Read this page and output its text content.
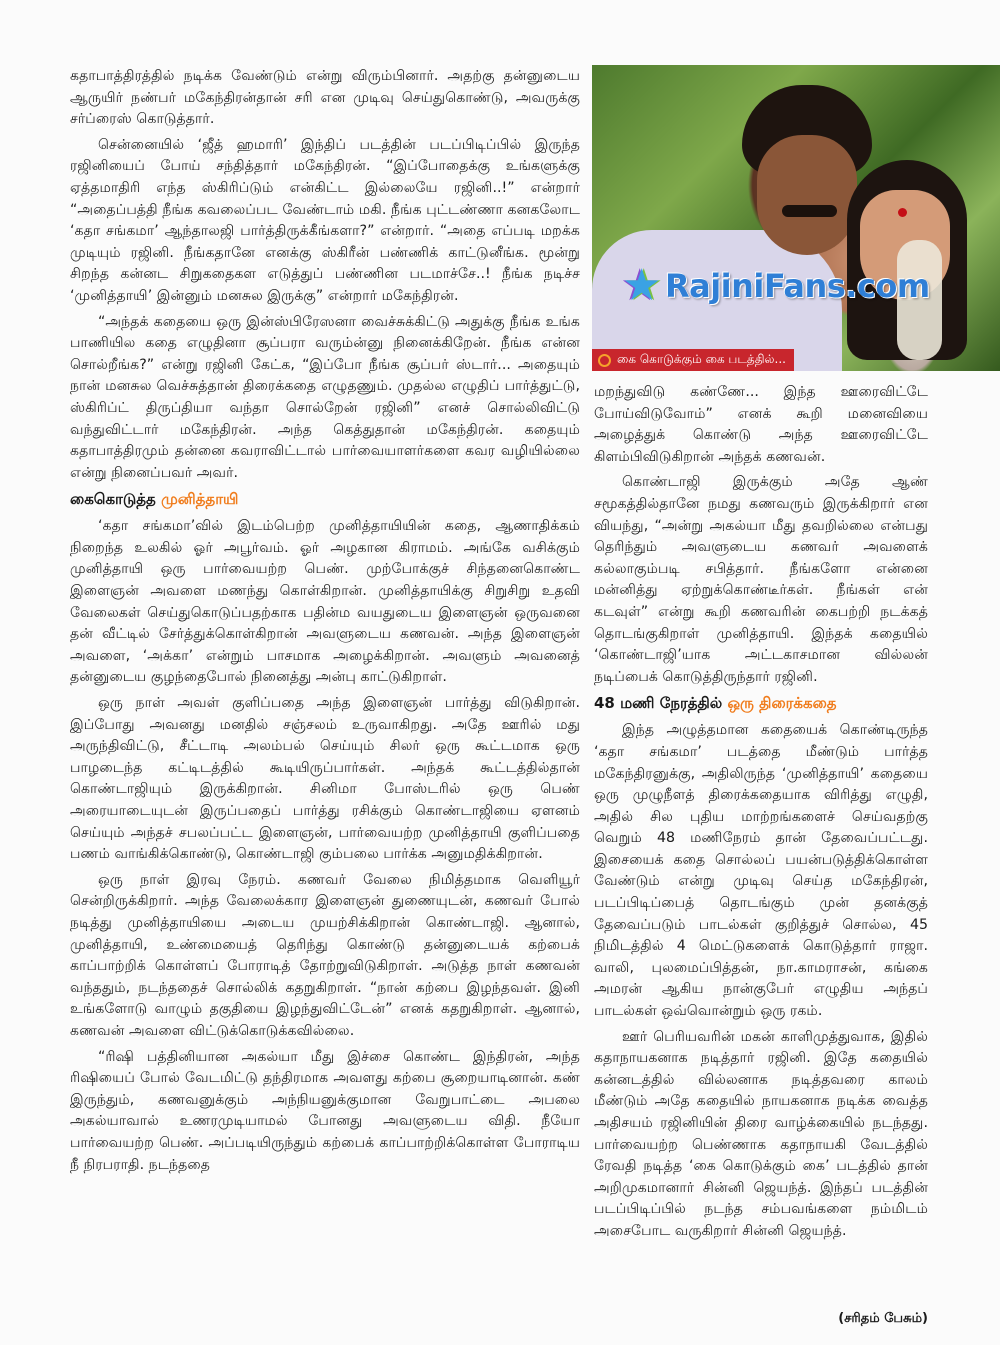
★ RajiniFans.com
கை கொடுக்கும் கை படத்தில்...

கதாபாத்திரத்தில் நடிக்க வேண்டும் என்று விரும்பினார். அதற்கு தன்னுடைய ஆருயிர் நண்பர் மகேந்திரன்தான் சரி என முடிவு செய்துகொண்டு, அவருக்கு சர்ப்ரைஸ் கொடுத்தார்.

சென்னையில் ‘ஜீத் ஹமாரி’ இந்திப் படத்தின் படப்பிடிப்பில் இருந்த ரஜினியைப் போய் சந்தித்தார் மகேந்திரன். “இப்போதைக்கு உங்களுக்கு ஏத்தமாதிரி எந்த ஸ்கிரிப்டும் என்கிட்ட இல்லையே ரஜினி..!” என்றார் “அதைப்பத்தி நீங்க கவலைப்பட வேண்டாம் மகி. நீங்க புட்டண்ணா கனகலோட ‘கதா சங்கமா’ ஆந்தாலஜி பார்த்திருக்கீங்களா?” என்றார். “அதை எப்படி மறக்க முடியும் ரஜினி. நீங்கதானே எனக்கு ஸ்கிரீன் பண்ணிக் காட்டுனீங்க. மூன்று சிறந்த கன்னட சிறுகதைகள எடுத்துப் பண்ணின படமாச்சே..! நீங்க நடிச்ச ‘முனித்தாயி’ இன்னும் மனசுல இருக்கு” என்றார் மகேந்திரன்.

“அந்தக் கதையை ஒரு இன்ஸ்பிரேஸனா வைச்சுக்கிட்டு அதுக்கு நீங்க உங்க பாணியில கதை எழுதினா சூப்பரா வரும்ன்னு நினைக்கிறேன். நீங்க என்ன சொல்றீங்க?” என்று ரஜினி கேட்க, “இப்போ நீங்க சூப்பர் ஸ்டார்... அதையும் நான் மனசுல வெச்சுத்தான் திரைக்கதை எழுதணும். முதல்ல எழுதிப் பார்த்துட்டு, ஸ்கிரிப்ட் திருப்தியா வந்தா சொல்றேன் ரஜினி” எனச் சொல்லிவிட்டு வந்துவிட்டார் மகேந்திரன். அந்த கெத்துதான் மகேந்திரன். கதையும் கதாபாத்திரமும் தன்னை கவராவிட்டால் பார்வையாளர்களை கவர வழியில்லை என்று நினைப்பவர் அவர்.

கைகொடுத்த முனித்தாயி

‘கதா சங்கமா’வில் இடம்பெற்ற முனித்தாயியின் கதை, ஆணாதிக்கம் நிறைந்த உலகில் ஓர் அபூர்வம். ஓர் அழகான கிராமம். அங்கே வசிக்கும் முனித்தாயி ஒரு பார்வையற்ற பெண். முற்போக்குச் சிந்தனைகொண்ட இளைஞன் அவளை மணந்து கொள்கிறான். முனித்தாயிக்கு சிறுசிறு உதவி வேலைகள் செய்துகொடுப்பதற்காக பதின்ம வயதுடைய இளைஞன் ஒருவனை தன் வீட்டில் சேர்த்துக்கொள்கிறான் அவளுடைய கணவன். அந்த இளைஞன் அவளை, ‘அக்கா’ என்றும் பாசமாக அழைக்கிறான். அவளும் அவனைத் தன்னுடைய குழந்தைபோல் நினைத்து அன்பு காட்டுகிறாள்.

ஒரு நாள் அவள் குளிப்பதை அந்த இளைஞன் பார்த்து விடுகிறான். இப்போது அவனது மனதில் சஞ்சலம் உருவாகிறது. அதே ஊரில் மது அருந்திவிட்டு, சீட்டாடி அலம்பல் செய்யும் சிலர் ஒரு கூட்டமாக ஒரு பாழடைந்த கட்டிடத்தில் கூடியிருப்பார்கள். அந்தக் கூட்டத்தில்தான் கொண்டாஜியும் இருக்கிறான். சினிமா போஸ்டரில் ஒரு பெண் அரையாடையுடன் இருப்பதைப் பார்த்து ரசிக்கும் கொண்டாஜியை ஏளனம் செய்யும் அந்தச் சபலப்பட்ட இளைஞன், பார்வையற்ற முனித்தாயி குளிப்பதை பணம் வாங்கிக்கொண்டு, கொண்டாஜி கும்பலை பார்க்க அனுமதிக்கிறான்.

ஒரு நாள் இரவு நேரம். கணவர் வேலை நிமித்தமாக வெளியூர் சென்றிருக்கிறார். அந்த வேலைக்கார இளைஞன் துணையுடன், கணவர் போல் நடித்து முனித்தாயியை அடைய முயற்சிக்கிறான் கொண்டாஜி. ஆனால், முனித்தாயி, உண்மையைத் தெரிந்து கொண்டு தன்னுடையக் கற்பைக் காப்பாற்றிக் கொள்ளப் போராடித் தோற்றுவிடுகிறாள். அடுத்த நாள் கணவன் வந்ததும், நடந்ததைச் சொல்லிக் கதறுகிறாள். “நான் கற்பை இழந்தவள். இனி உங்களோடு வாழும் தகுதியை இழந்துவிட்டேன்” எனக் கதறுகிறாள். ஆனால், கணவன் அவளை விட்டுக்கொடுக்கவில்லை.

“ரிஷி பத்தினியான அகல்யா மீது இச்சை கொண்ட இந்திரன், அந்த ரிஷியைப் போல் வேடமிட்டு தந்திரமாக அவளது கற்பை சூறையாடினான். கண் இருந்தும், கணவனுக்கும் அந்நியனுக்குமான வேறுபாட்டை அபலை அகல்யாவால் உணரமுடியாமல் போனது அவளுடைய விதி. நீயோ பார்வையற்ற பெண். அப்படியிருந்தும் கற்பைக் காப்பாற்றிக்கொள்ள போராடிய நீ நிரபராதி. நடந்ததை

மறந்துவிடு கண்ணே... இந்த ஊரைவிட்டே போய்விடுவோம்” எனக் கூறி மனைவியை அழைத்துக் கொண்டு அந்த ஊரைவிட்டே கிளம்பிவிடுகிறான் அந்தக் கணவன்.

கொண்டாஜி இருக்கும் அதே ஆண் சமூகத்தில்தானே நமது கணவரும் இருக்கிறார் என வியந்து, “அன்று அகல்யா மீது தவறில்லை என்பது தெரிந்தும் அவளுடைய கணவர் அவளைக் கல்லாகும்படி சபித்தார். நீங்களோ என்னை மன்னித்து ஏற்றுக்கொண்டீர்கள். நீங்கள் என் கடவுள்” என்று கூறி கணவரின் கைபற்றி நடக்கத் தொடங்குகிறாள் முனித்தாயி. இந்தக் கதையில் ‘கொண்டாஜி’யாக அட்டகாசமான வில்லன் நடிப்பைக் கொடுத்திருந்தார் ரஜினி.

48 மணி நேரத்தில் ஒரு திரைக்கதை

இந்த அழுத்தமான கதையைக் கொண்டிருந்த ‘கதா சங்கமா’ படத்தை மீண்டும் பார்த்த மகேந்திரனுக்கு, அதிலிருந்த ‘முனித்தாயி’ கதையை ஒரு முழுநீளத் திரைக்கதையாக விரித்து எழுதி, அதில் சில புதிய மாற்றங்களைச் செய்வதற்கு வெறும் 48 மணிநேரம் தான் தேவைப்பட்டது. இசையைக் கதை சொல்லப் பயன்படுத்திக்கொள்ள வேண்டும் என்று முடிவு செய்த மகேந்திரன், படப்பிடிப்பைத் தொடங்கும் முன் தனக்குத் தேவைப்படும் பாடல்கள் குறித்துச் சொல்ல, 45 நிமிடத்தில் 4 மெட்டுகளைக் கொடுத்தார் ராஜா. வாலி, புலமைப்பித்தன், நா.காமராசன், கங்கை அமரன் ஆகிய நான்குபேர் எழுதிய அந்தப் பாடல்கள் ஒவ்வொன்றும் ஒரு ரகம்.

ஊர் பெரியவரின் மகன் காளிமுத்துவாக, இதில் கதாநாயகனாக நடித்தார் ரஜினி. இதே கதையில் கன்னடத்தில் வில்லனாக நடித்தவரை காலம் மீண்டும் அதே கதையில் நாயகனாக நடிக்க வைத்த அதிசயம் ரஜினியின் திரை வாழ்க்கையில் நடந்தது. பார்வையற்ற பெண்ணாக கதாநாயகி வேடத்தில் ரேவதி நடித்த ‘கை கொடுக்கும் கை’ படத்தில் தான் அறிமுகமானார் சின்னி ஜெயந்த். இந்தப் படத்தின் படப்பிடிப்பில் நடந்த சம்பவங்களை நம்மிடம் அசைபோட வருகிறார் சின்னி ஜெயந்த்.

(சரிதம் பேசும்)
